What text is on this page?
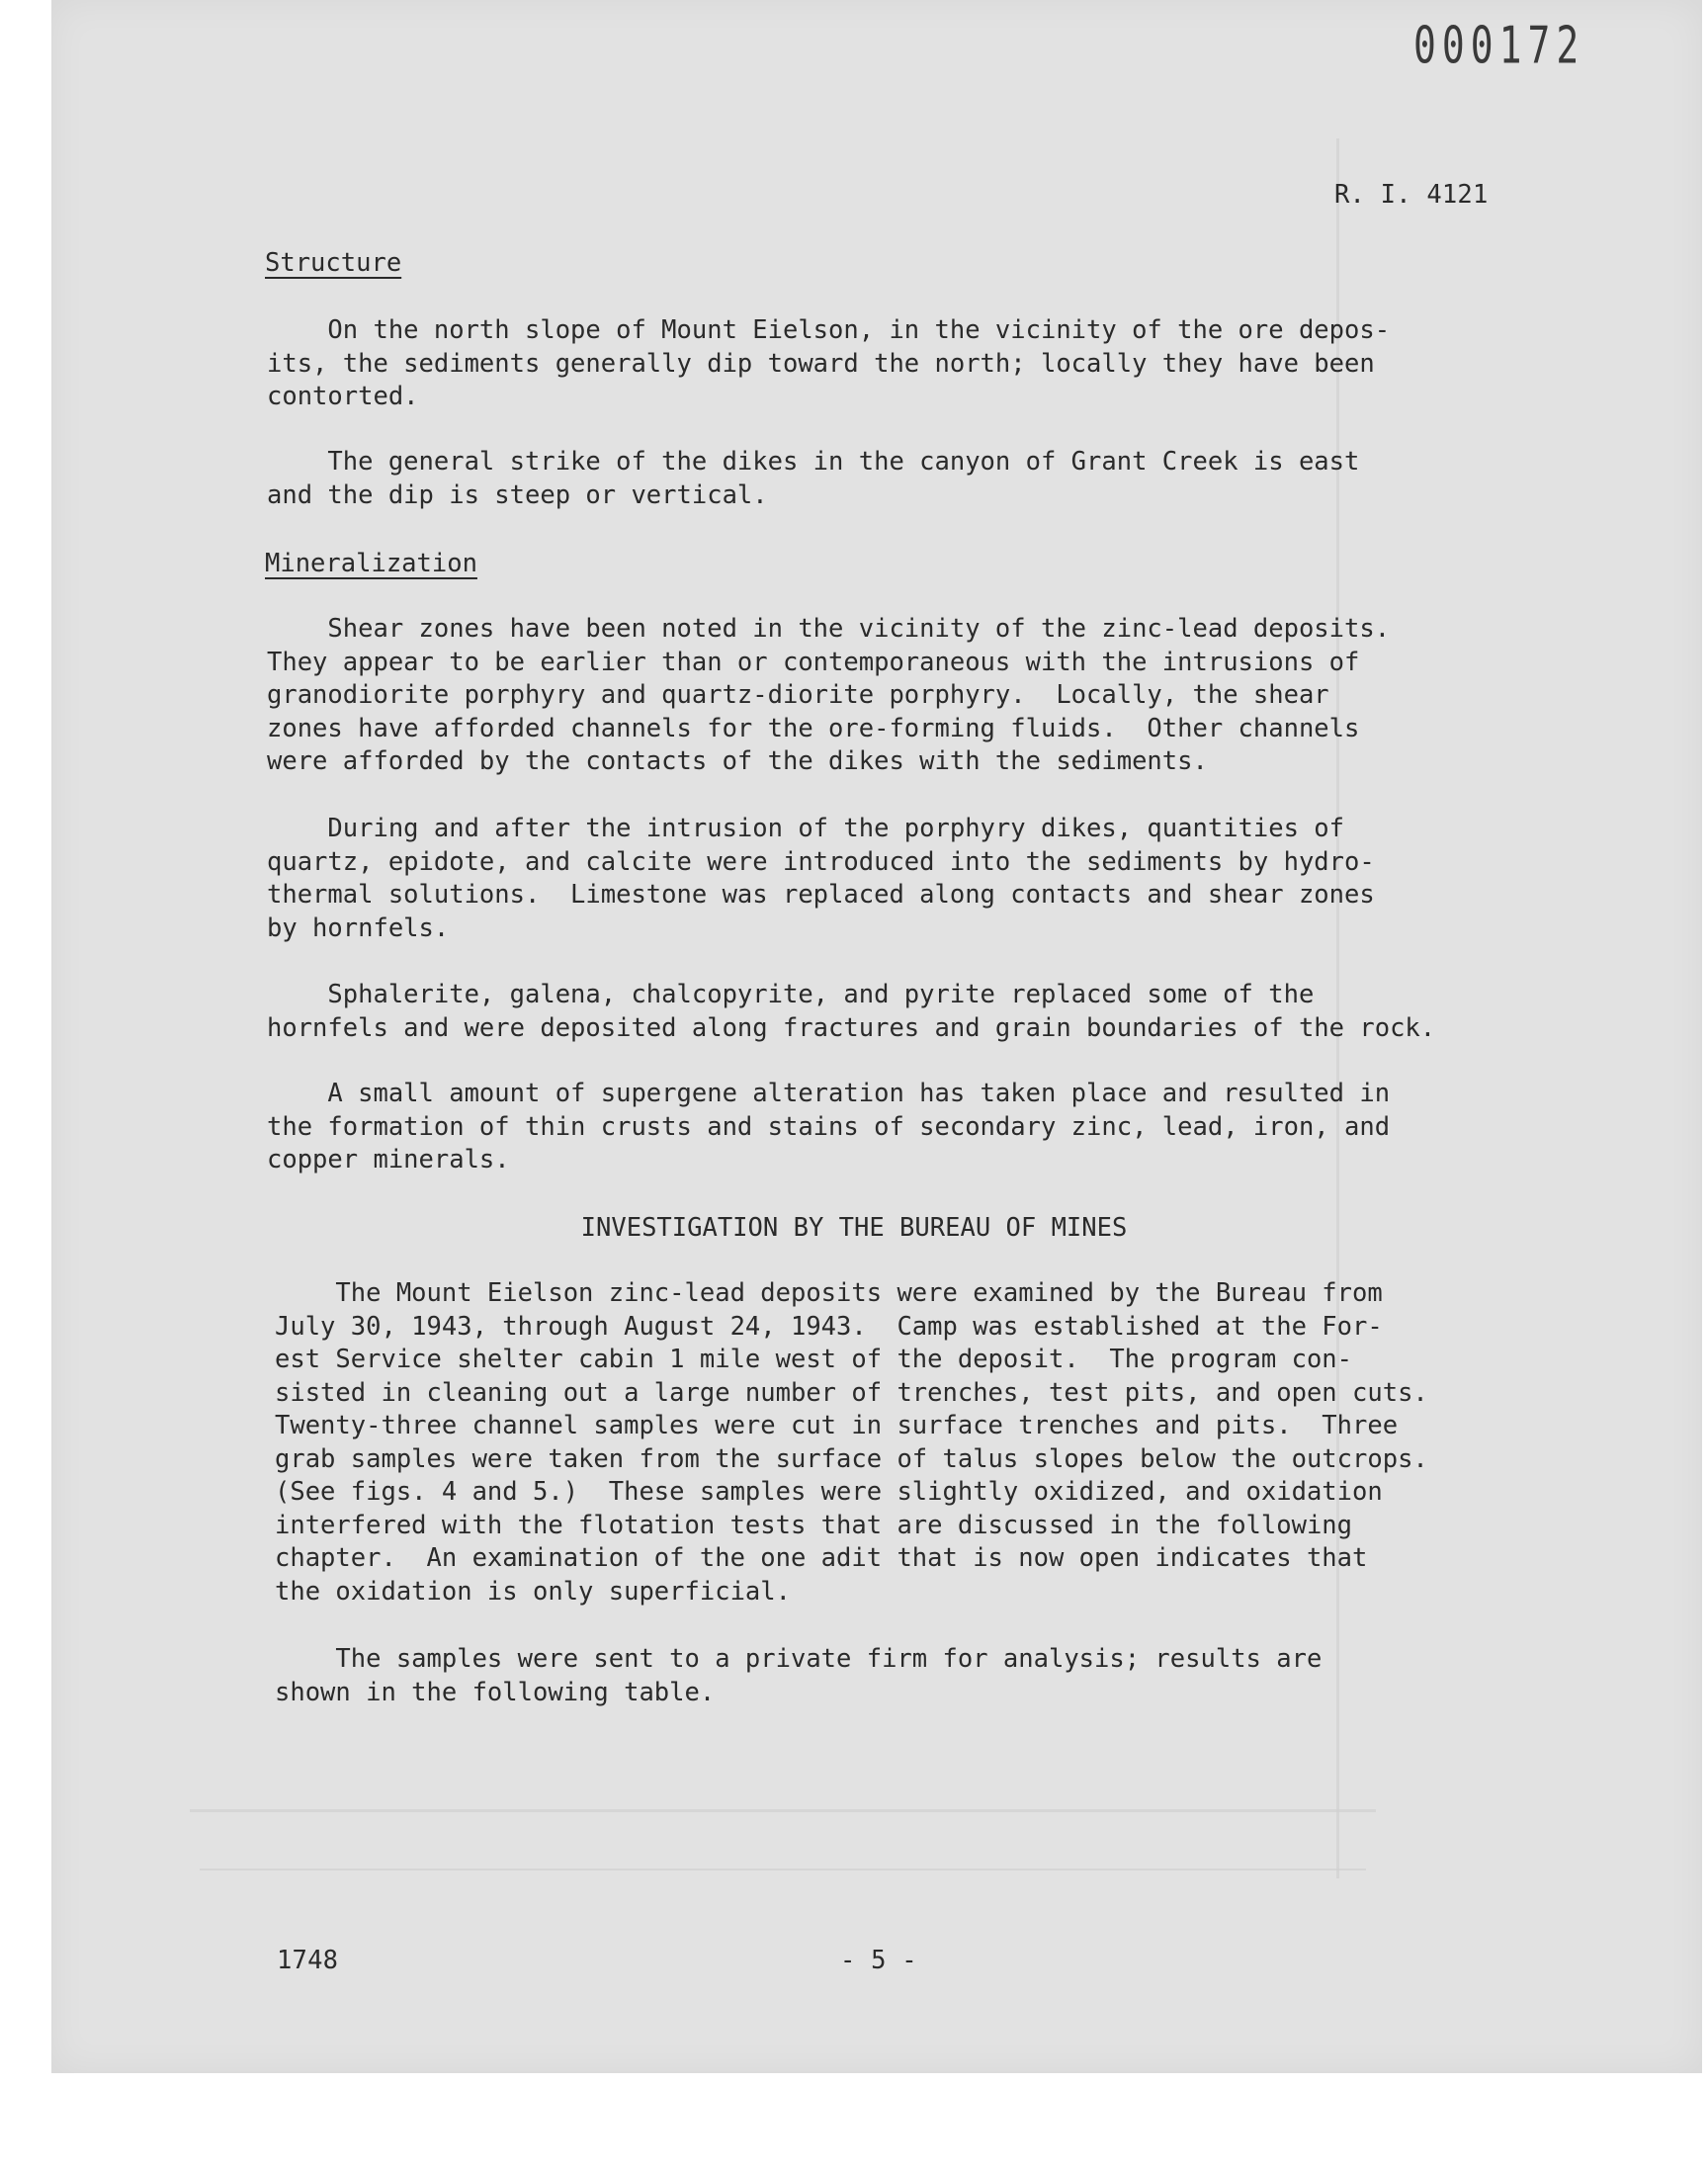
000172
R. I. 4121
Structure
On the north slope of Mount Eielson, in the vicinity of the ore depos-
its, the sediments generally dip toward the north; locally they have been
contorted.
The general strike of the dikes in the canyon of Grant Creek is east
and the dip is steep or vertical.
Mineralization
Shear zones have been noted in the vicinity of the zinc-lead deposits.
They appear to be earlier than or contemporaneous with the intrusions of
granodiorite porphyry and quartz-diorite porphyry.  Locally, the shear
zones have afforded channels for the ore-forming fluids.  Other channels
were afforded by the contacts of the dikes with the sediments.
During and after the intrusion of the porphyry dikes, quantities of
quartz, epidote, and calcite were introduced into the sediments by hydro-
thermal solutions.  Limestone was replaced along contacts and shear zones
by hornfels.
Sphalerite, galena, chalcopyrite, and pyrite replaced some of the
hornfels and were deposited along fractures and grain boundaries of the rock.
A small amount of supergene alteration has taken place and resulted in
the formation of thin crusts and stains of secondary zinc, lead, iron, and
copper minerals.
INVESTIGATION BY THE BUREAU OF MINES
The Mount Eielson zinc-lead deposits were examined by the Bureau from
July 30, 1943, through August 24, 1943.  Camp was established at the For-
est Service shelter cabin 1 mile west of the deposit.  The program con-
sisted in cleaning out a large number of trenches, test pits, and open cuts.
Twenty-three channel samples were cut in surface trenches and pits.  Three
grab samples were taken from the surface of talus slopes below the outcrops.
(See figs. 4 and 5.)  These samples were slightly oxidized, and oxidation
interfered with the flotation tests that are discussed in the following
chapter.  An examination of the one adit that is now open indicates that
the oxidation is only superficial.
The samples were sent to a private firm for analysis; results are
shown in the following table.
1748	- 5 -
